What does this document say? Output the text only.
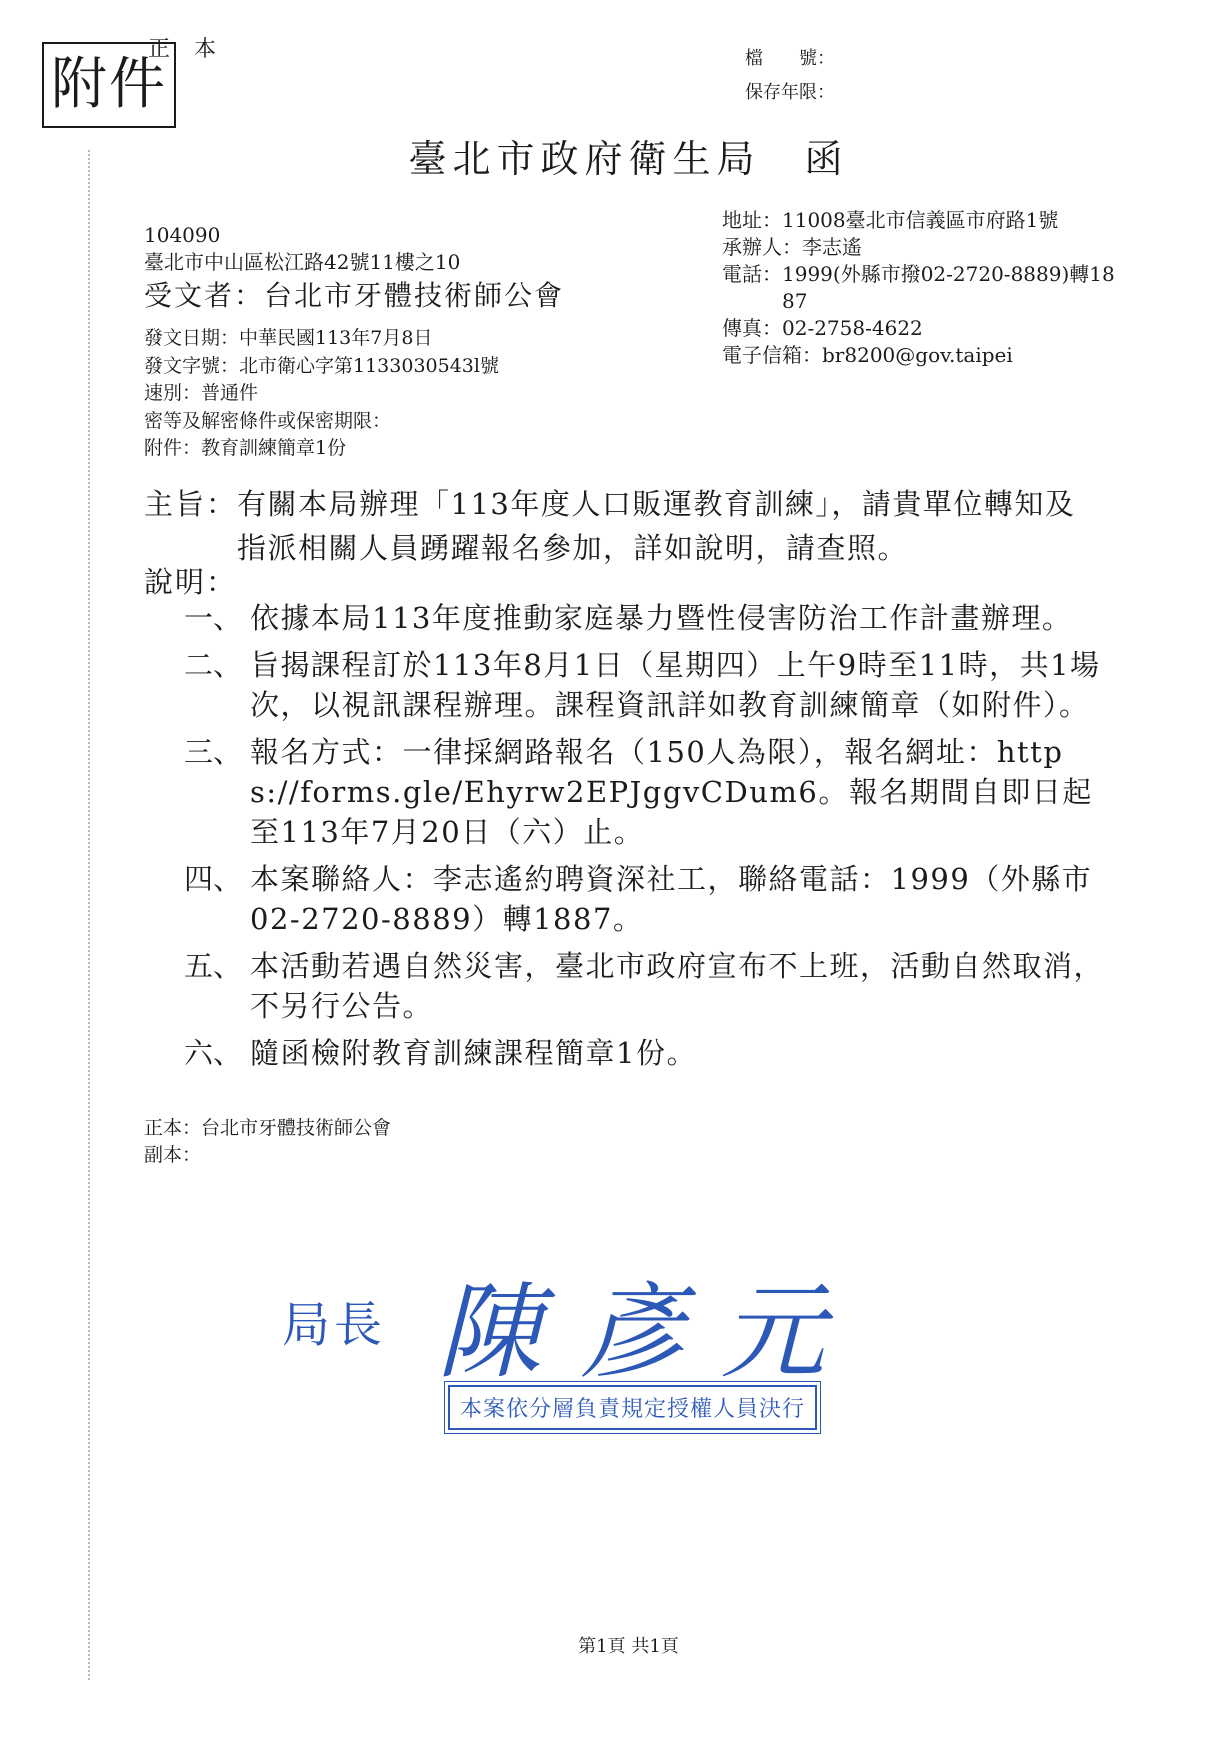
附件
正本	檔　　號：
保存年限：
臺北市政府衛生局　函
104090
臺北市中山區松江路42號11樓之10
受文者：台北市牙體技術師公會
地址： 11008臺北市信義區市府路1號
承辦人： 李志遙
電話： 1999(外縣市撥02-2720-8889)轉1887
傳真： 02-2758-4622
電子信箱： br8200@gov.taipei
發文日期：中華民國113年7月8日
發文字號：北市衛心字第1133030543l號
速別：普通件
密等及解密條件或保密期限：
附件：教育訓練簡章1份
主旨： 有關本局辦理「113年度人口販運教育訓練」，請貴單位轉知及指派相關人員踴躍報名參加，詳如說明，請查照。
說明：
一、 依據本局113年度推動家庭暴力暨性侵害防治工作計畫辦理。
二、 旨揭課程訂於113年8月1日（星期四）上午9時至11時，共1場次，以視訊課程辦理。課程資訊詳如教育訓練簡章（如附件）。
三、 報名方式：一律採網路報名（150人為限），報名網址：https://forms.gle/Ehyrw2EPJggvCDum6。報名期間自即日起至113年7月20日（六）止。
四、 本案聯絡人：李志遙約聘資深社工，聯絡電話：1999（外縣市02-2720-8889）轉1887。
五、 本活動若遇自然災害，臺北市政府宣布不上班，活動自然取消，不另行公告。
六、 隨函檢附教育訓練課程簡章1份。
正本：台北市牙體技術師公會
副本：
局長 陳彥元
本案依分層負責規定授權人員決行
第1頁 共1頁
